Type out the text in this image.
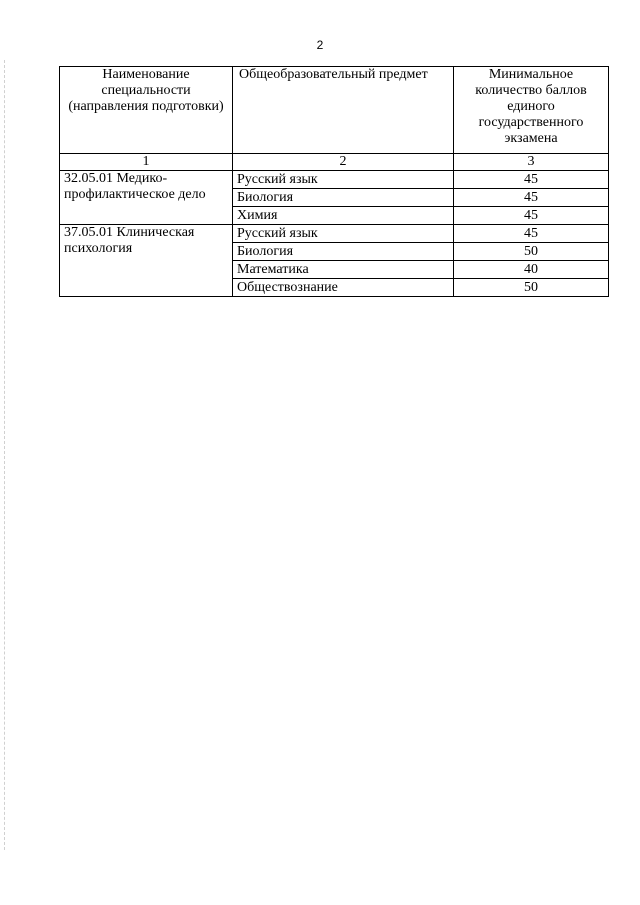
2
Наименование специальности (направления подготовки)	Общеобразовательный предмет	Минимальное количество баллов единого государственного экзамена
1	2	3
32.05.01 Медико-профилактическое дело	Русский язык	45
	Биология	45
	Химия	45
37.05.01 Клиническая психология	Русский язык	45
	Биология	50
	Математика	40
	Обществознание	50
